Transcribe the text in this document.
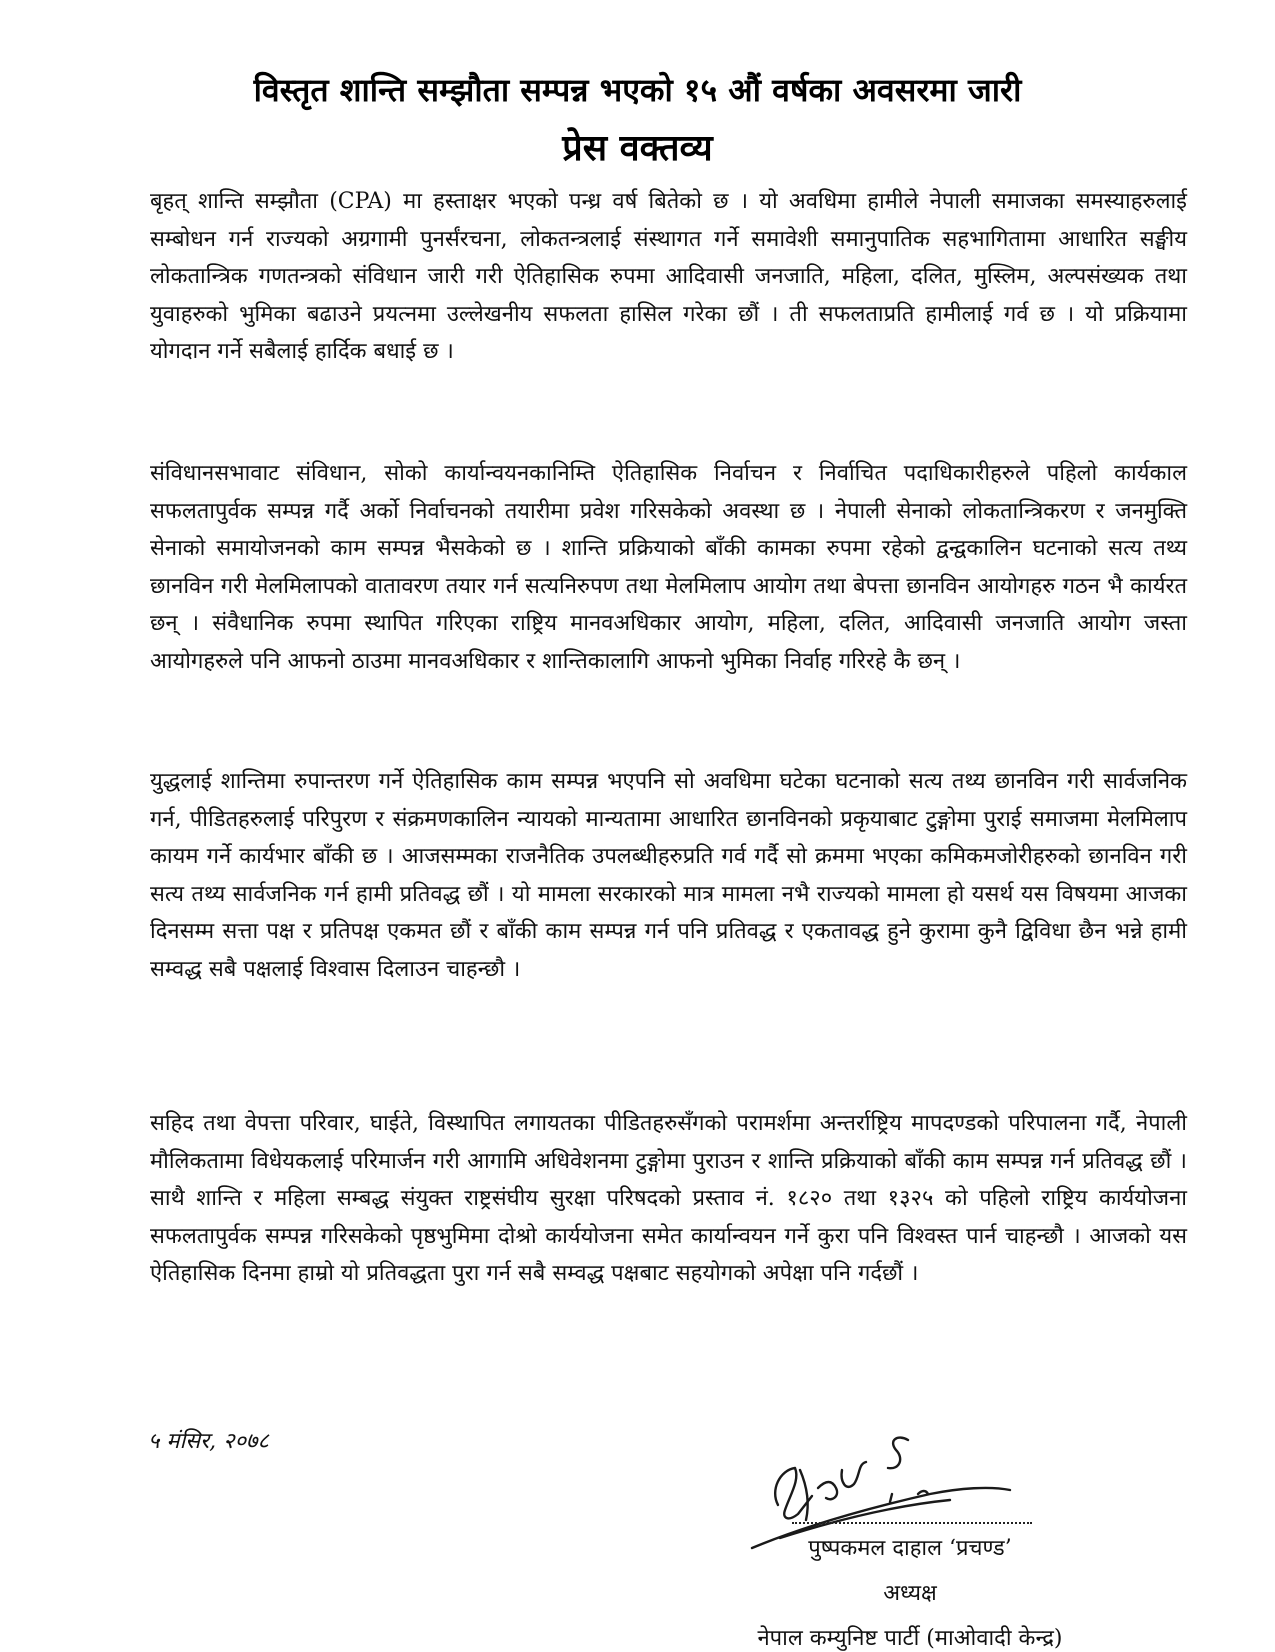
विस्तृत शान्ति सम्झौता सम्पन्न भएको १५ औं वर्षका अवसरमा जारी
प्रेस वक्तव्य

बृहत् शान्ति सम्झौता (CPA) मा हस्ताक्षर भएको पन्ध्र वर्ष बितेको छ । यो अवधिमा हामीले नेपाली समाजका समस्याहरुलाई सम्बोधन गर्न राज्यको अग्रगामी पुनर्संरचना, लोकतन्त्रलाई संस्थागत गर्ने समावेशी समानुपातिक सहभागितामा आधारित सङ्घीय लोकतान्त्रिक गणतन्त्रको संविधान जारी गरी ऐतिहासिक रुपमा आदिवासी जनजाति, महिला, दलित, मुस्लिम, अल्पसंख्यक तथा युवाहरुको भुमिका बढाउने प्रयत्नमा उल्लेखनीय सफलता हासिल गरेका छौं । ती सफलताप्रति हामीलाई गर्व छ । यो प्रक्रियामा योगदान गर्ने सबैलाई हार्दिक बधाई छ ।

संविधानसभावाट संविधान, सोको कार्यान्वयनकानिम्ति ऐतिहासिक निर्वाचन र निर्वाचित पदाधिकारीहरुले पहिलो कार्यकाल सफलतापुर्वक सम्पन्न गर्दै अर्को निर्वाचनको तयारीमा प्रवेश गरिसकेको अवस्था छ । नेपाली सेनाको लोकतान्त्रिकरण र जनमुक्ति सेनाको समायोजनको काम सम्पन्न भैसकेको छ । शान्ति प्रक्रियाको बाँकी कामका रुपमा रहेको द्वन्द्वकालिन घटनाको सत्य तथ्य छानविन गरी मेलमिलापको वातावरण तयार गर्न सत्यनिरुपण तथा मेलमिलाप आयोग तथा बेपत्ता छानविन आयोगहरु गठन भै कार्यरत छन् । संवैधानिक रुपमा स्थापित गरिएका राष्ट्रिय मानवअधिकार आयोग, महिला, दलित, आदिवासी जनजाति आयोग जस्ता आयोगहरुले पनि आफनो ठाउमा मानवअधिकार र शान्तिकालागि आफनो भुमिका निर्वाह गरिरहे कै छन् ।

युद्धलाई शान्तिमा रुपान्तरण गर्ने ऐतिहासिक काम सम्पन्न भएपनि सो अवधिमा घटेका घटनाको सत्य तथ्य छानविन गरी सार्वजनिक गर्न, पीडितहरुलाई परिपुरण र संक्रमणकालिन न्यायको मान्यतामा आधारित छानविनको प्रकृयाबाट टुङ्गोमा पुराई समाजमा मेलमिलाप कायम गर्ने कार्यभार बाँकी छ । आजसम्मका राजनैतिक उपलब्धीहरुप्रति गर्व गर्दै सो क्रममा भएका कमिकमजोरीहरुको छानविन गरी सत्य तथ्य सार्वजनिक गर्न हामी प्रतिवद्ध छौं । यो मामला सरकारको मात्र मामला नभै राज्यको मामला हो यसर्थ यस विषयमा आजका दिनसम्म सत्ता पक्ष र प्रतिपक्ष एकमत छौं र बाँकी काम सम्पन्न गर्न पनि प्रतिवद्ध र एकतावद्ध हुने कुरामा कुनै द्विविधा छैन भन्ने हामी सम्वद्ध सबै पक्षलाई विश्वास दिलाउन चाहन्छौ ।

सहिद तथा वेपत्ता परिवार, घाईते, विस्थापित लगायतका पीडितहरुसँगको परामर्शमा अन्तर्राष्ट्रिय मापदण्डको परिपालना गर्दै, नेपाली मौलिकतामा विधेयकलाई परिमार्जन गरी आगामि अधिवेशनमा टुङ्गोमा पुराउन र शान्ति प्रक्रियाको बाँकी काम सम्पन्न गर्न प्रतिवद्ध छौं । साथै शान्ति र महिला सम्बद्ध संयुक्त राष्ट्रसंघीय सुरक्षा परिषदको प्रस्ताव नं. १८२० तथा १३२५ को पहिलो राष्ट्रिय कार्ययोजना सफलतापुर्वक सम्पन्न गरिसकेको पृष्ठभुमिमा दोश्रो कार्ययोजना समेत कार्यान्वयन गर्ने कुरा पनि विश्वस्त पार्न चाहन्छौ । आजको यस ऐतिहासिक दिनमा हाम्रो यो प्रतिवद्धता पुरा गर्न सबै सम्वद्ध पक्षबाट सहयोगको अपेक्षा पनि गर्दछौं ।

५ मंसिर, २०७८
पुष्पकमल दाहाल ‘प्रचण्ड’
अध्यक्ष
नेपाल कम्युनिष्ट पार्टी (माओवादी केन्द्र)
